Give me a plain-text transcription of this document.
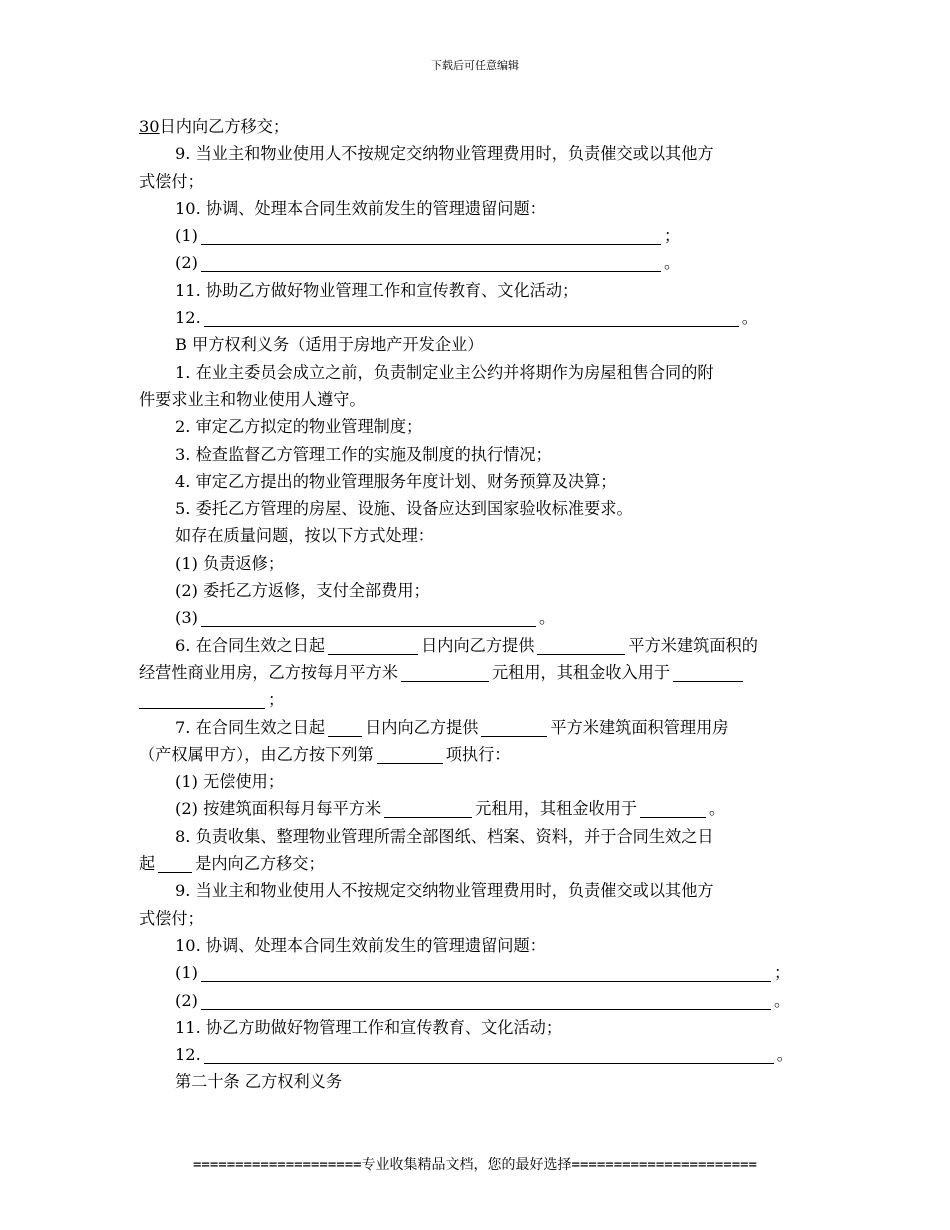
下载后可任意编辑
30日内向乙方移交；
9. 当业主和物业使用人不按规定交纳物业管理费用时，负责催交或以其他方
式偿付；
10. 协调、处理本合同生效前发生的管理遗留问题：
(1)	；
(2)	。
11. 协助乙方做好物业管理工作和宣传教育、文化活动；
12.	。
B 甲方权利义务（适用于房地产开发企业）
1. 在业主委员会成立之前，负责制定业主公约并将期作为房屋租售合同的附
件要求业主和物业使用人遵守。
2. 审定乙方拟定的物业管理制度；
3. 检查监督乙方管理工作的实施及制度的执行情况；
4. 审定乙方提出的物业管理服务年度计划、财务预算及决算；
5. 委托乙方管理的房屋、设施、设备应达到国家验收标准要求。
如存在质量问题，按以下方式处理：
(1) 负责返修；
(2) 委托乙方返修，支付全部费用；
(3)	。
6. 在合同生效之日起	日内向乙方提供	平方米建筑面积的
经营性商业用房，乙方按每月平方米	元租用，其租金收入用于
；
7. 在合同生效之日起 日内向乙方提供	平方米建筑面积管理用房
（产权属甲方），由乙方按下列第	项执行：
(1) 无偿使用；
(2) 按建筑面积每月每平方米	元租用，其租金收用于	。
8. 负责收集、整理物业管理所需全部图纸、档案、资料，并于合同生效之日
起 是内向乙方移交；
9. 当业主和物业使用人不按规定交纳物业管理费用时，负责催交或以其他方
式偿付；
10. 协调、处理本合同生效前发生的管理遗留问题：
(1)	；
(2)	。
11. 协乙方助做好物管理工作和宣传教育、文化活动；
12.	。
第二十条 乙方权利义务
====================专业收集精品文档，您的最好选择======================
